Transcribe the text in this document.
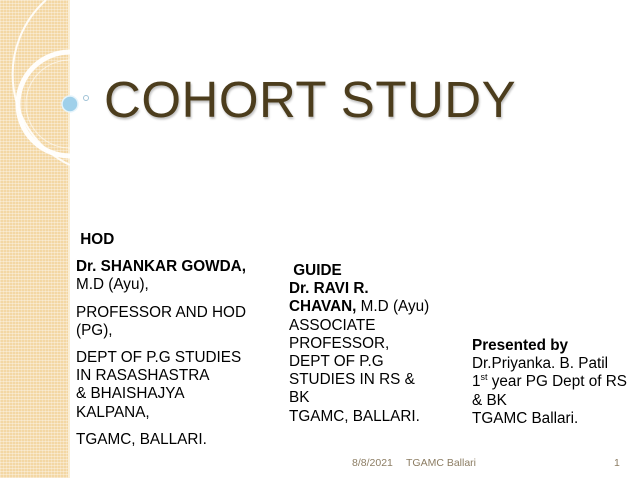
COHORT STUDY

HOD

Dr. SHANKAR GOWDA,

M.D (Ayu),

PROFESSOR AND HOD

(PG),

DEPT OF P.G STUDIES

IN RASASHASTRA

& BHAISHAJYA

KALPANA,

TGAMC, BALLARI.

GUIDE

Dr. RAVI R.

CHAVAN, M.D (Ayu)

ASSOCIATE

PROFESSOR,

DEPT OF P.G

STUDIES IN RS &

BK

TGAMC, BALLARI.

Presented by

Dr.Priyanka. B. Patil

1st year PG Dept of RS

& BK

TGAMC Ballari.

8/8/2021 TGAMC Ballari	1
